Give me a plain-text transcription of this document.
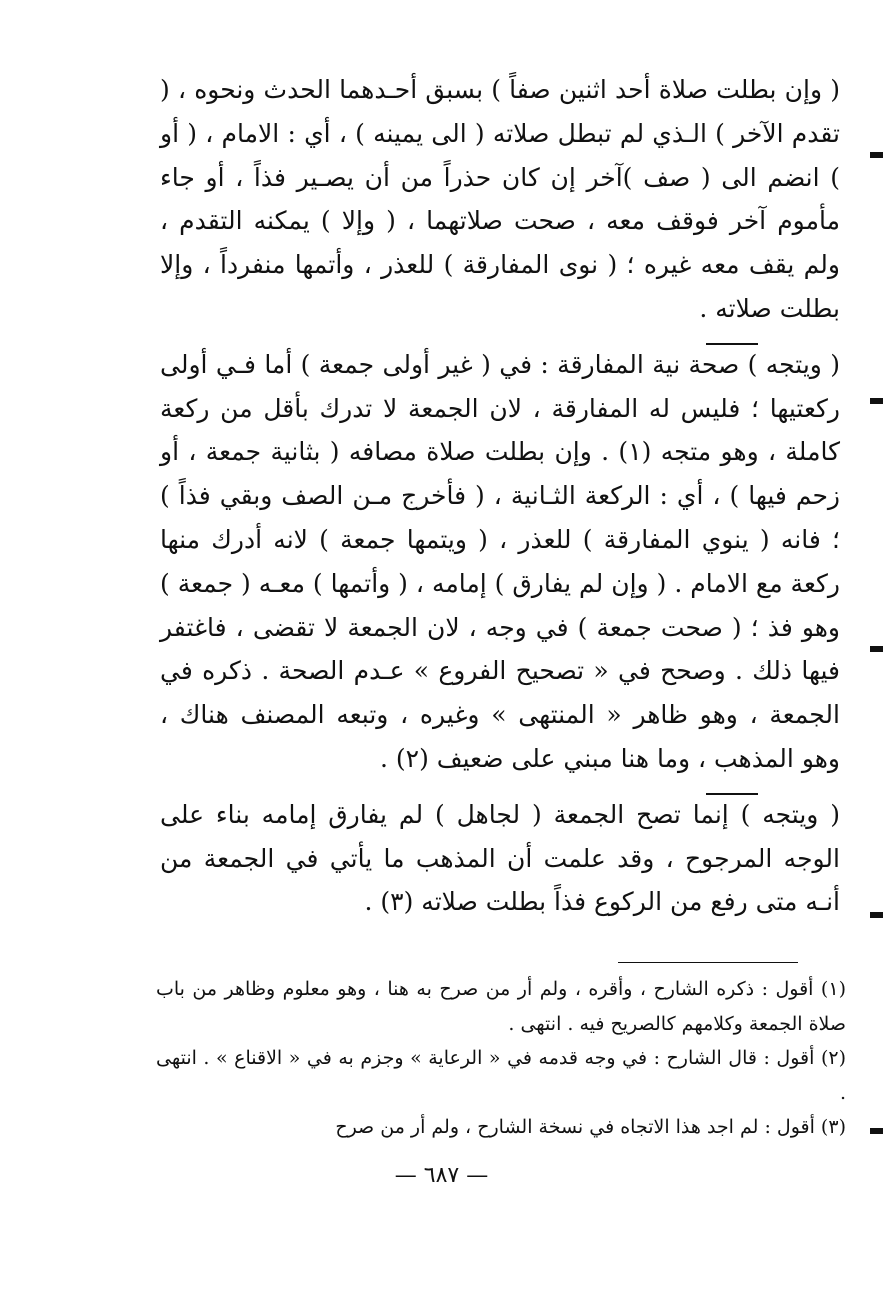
( وإن بطلت صلاة أحد اثنين صفاً ) بسبق أحـدهما الحدث ونحوه ، ( تقدم الآخر ) الـذي لم تبطل صلاته ( الى يمينه ) ، أي : الامام ، ( أو ) انضم الى ( صف )آخر إن كان حذراً من أن يصـير فذاً ، أو جاء مأموم آخر فوقف معه ، صحت صلاتهما ، ( وإلا ) يمكنه التقدم ، ولم يقف معه غيره ؛ ( نوى المفارقة ) للعذر ، وأتمها منفرداً ، وإلا بطلت صلاته .

( ويتجه ) صحة نية المفارقة : في ( غير أولى جمعة ) أما فـي أولى ركعتيها ؛ فليس له المفارقة ، لان الجمعة لا تدرك بأقل من ركعة كاملة ، وهو متجه (١) . وإن بطلت صلاة مصافه ( بثانية جمعة ، أو زحم فيها ) ، أي : الركعة الثـانية ، ( فأخرج مـن الصف وبقي فذاً ) ؛ فانه ( ينوي المفارقة ) للعذر ، ( ويتمها جمعة ) لانه أدرك منها ركعة مع الامام . ( وإن لم يفارق ) إمامه ، ( وأتمها ) معـه ( جمعة ) وهو فذ ؛ ( صحت جمعة ) في وجه ، لان الجمعة لا تقضى ، فاغتفر فيها ذلك . وصحح في « تصحيح الفروع » عـدم الصحة . ذكره في الجمعة ، وهو ظاهر « المنتهى » وغيره ، وتبعه المصنف هناك ، وهو المذهب ، وما هنا مبني على ضعيف (٢) .

( ويتجه ) إنما تصح الجمعة ( لجاهل ) لم يفارق إمامه بناء على الوجه المرجوح ، وقد علمت أن المذهب ما يأتي في الجمعة من أنـه متى رفع من الركوع فذاً بطلت صلاته (٣) .

(١) أقول : ذكره الشارح ، وأقره ، ولم أر من صرح به هنا ، وهو معلوم وظاهر من باب صلاة الجمعة وكلامهم كالصريح فيه . انتهى .

(٢) أقول : قال الشارح : في وجه قدمه في « الرعاية » وجزم به في « الاقناع » . انتهى .

(٣) أقول : لم اجد هذا الاتجاه في نسخة الشارح ، ولم أر من صرح

— ٦٨٧ —
